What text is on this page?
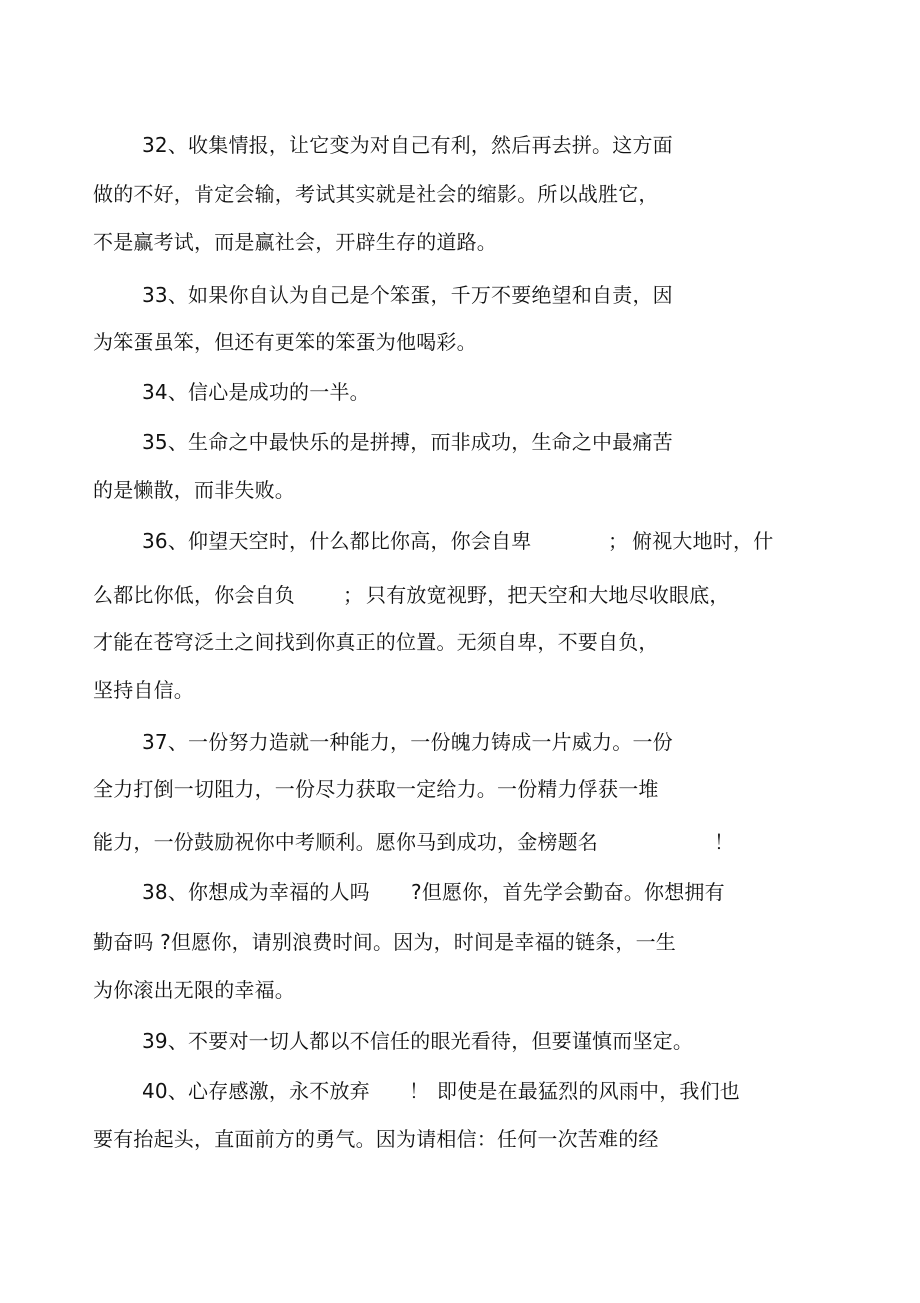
32、收集情报，让它变为对自己有利，然后再去拼。这方面
做的不好，肯定会输，考试其实就是社会的缩影。所以战胜它，
不是赢考试，而是赢社会，开辟生存的道路。
33、如果你自认为自己是个笨蛋，千万不要绝望和自责，因
为笨蛋虽笨，但还有更笨的笨蛋为他喝彩。
34、信心是成功的一半。
35、生命之中最快乐的是拼搏，而非成功，生命之中最痛苦
的是懒散，而非失败。
36、仰望天空时，什么都比你高，你会自卑	； 俯视大地时，什
么都比你低，你会自负 ； 只有放宽视野，把天空和大地尽收眼底，
才能在苍穹泛土之间找到你真正的位置。无须自卑，不要自负，
坚持自信。
37、一份努力造就一种能力，一份魄力铸成一片威力。一份
全力打倒一切阻力，一份尽力获取一定给力。一份精力俘获一堆
能力，一份鼓励祝你中考顺利。愿你马到成功，金榜题名	！
38、你想成为幸福的人吗 ?但愿你，首先学会勤奋。你想拥有
勤奋吗 ?但愿你，请别浪费时间。因为，时间是幸福的链条，一生
为你滚出无限的幸福。
39、不要对一切人都以不信任的眼光看待，但要谨慎而坚定。
40、心存感激，永不放弃 ！ 即使是在最猛烈的风雨中，我们也
要有抬起头，直面前方的勇气。因为请相信：任何一次苦难的经
